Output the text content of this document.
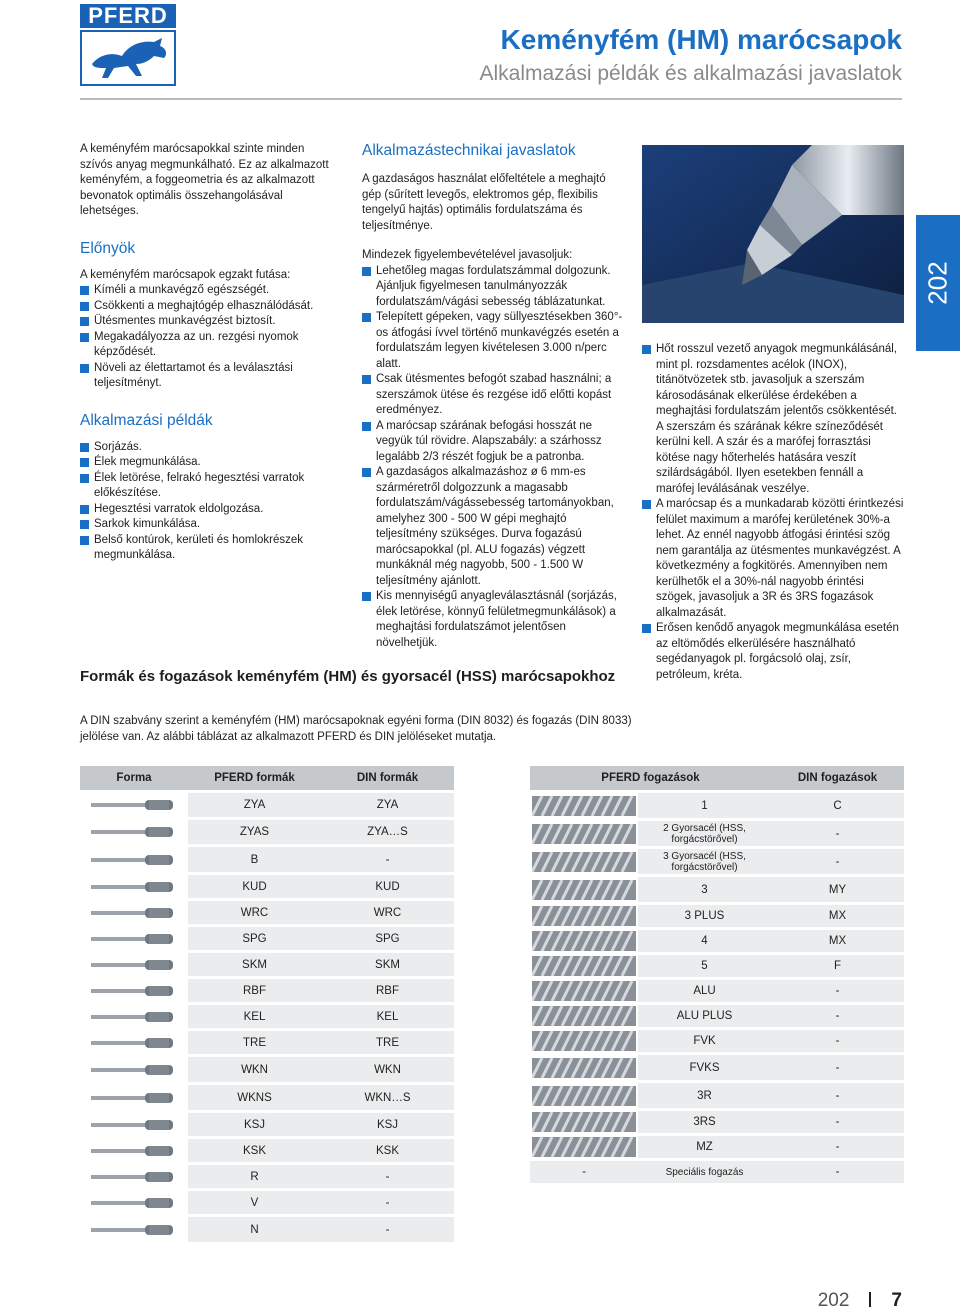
PFERD
Keményfém (HM) marócsapok
Alkalmazási példák és alkalmazási javaslatok
202

A keményfém marócsapokkal szinte minden szívós anyag megmunkálható. Ez az alkalmazott keményfém, a foggeometria és az alkalmazott bevonatok optimális összehangolásával lehetséges.

Előnyök

A keményfém marócsapok egzakt futása:

Kíméli a munkavégző egészségét.
Csökkenti a meghajtógép elhasználódását.
Ütésmentes munkavégzést biztosít.
Megakadályozza az un. rezgési nyomok képződését.
Növeli az élettartamot és a leválasztási teljesítményt.
Alkalmazási példák
Sorjázás.
Élek megmunkálása.
Élek letörése, felrakó hegesztési varratok előkészítése.
Hegesztési varratok eldolgozása.
Sarkok kimunkálása.
Belső kontúrok, kerületi és homlokrészek megmunkálása.
Alkalmazástechnikai javaslatok

A gazdaságos használat előfeltétele a meghajtó gép (sűrített levegős, elektromos gép, flexibilis tengelyű hajtás) optimális fordulatszáma és teljesítménye.

Mindezek figyelembevételével javasoljuk:

Lehetőleg magas fordulatszámmal dolgozunk. Ajánljuk figyelmesen tanulmányozzák fordulatszám/vágási sebesség táblázatunkat.
Telepített gépeken, vagy süllyesztésekben 360°-os átfogási ívvel történő munkavégzés esetén a fordulatszám legyen kivételesen 3.000 n/perc alatt.
Csak ütésmentes befogót szabad használni; a szerszámok ütése és rezgése idő előtti kopást eredményez.
A marócsap szárának befogási hosszát ne vegyük túl rövidre. Alapszabály: a szárhossz legalább 2/3 részét fogjuk be a patronba.
A gazdaságos alkalmazáshoz ø 6 mm-es szárméretről dolgozzunk a magasabb fordulatszám/vágássebesség tartományokban, amelyhez 300 - 500 W gépi meghajtó teljesítmény szükséges. Durva fogazású marócsapokkal (pl. ALU fogazás) végzett munkáknál még nagyobb, 500 - 1.500 W teljesítmény ajánlott.
Kis mennyiségű anyagleválasztásnál (sorjázás, élek letörése, könnyű felületmegmunkálások) a meghajtási fordulatszámot jelentősen növelhetjük.
Hőt rosszul vezető anyagok megmunkálásánál, mint pl. rozsdamentes acélok (INOX), titánötvözetek stb. javasoljuk a szerszám károsodásának elkerülése érdekében a meghajtási fordulatszám jelentős csökkentését. A szerszám és szárának kékre színeződését kerülni kell. A szár és a marófej forrasztási kötése nagy hőterhelés hatására veszít szilárdságából. Ilyen esetekben fennáll a marófej leválásának veszélye.
A marócsap és a munkadarab közötti érintkezési felület maximum a marófej kerületének 30%-a lehet. Az ennél nagyobb átfogási érintési szög nem garantálja az ütésmentes munkavégzést. A következmény a fogkitörés. Amennyiben nem kerülhetők el a 30%-nál nagyobb érintési szögek, javasoljuk a 3R és 3RS fogazások alkalmazását.
Erősen kenődő anyagok megmunkálása esetén az eltömődés elkerülésére használható segédanyagok pl. forgácsoló olaj, zsír, petróleum, kréta.
Formák és fogazások keményfém (HM) és gyorsacél (HSS) marócsapokhoz
A DIN szabvány szerint a keményfém (HM) marócsapoknak egyéni forma (DIN 8032) és fogazás (DIN 8033) jelölése van. Az alábbi táblázat az alkalmazott PFERD és DIN jelöléseket mutatja.
Forma	PFERD formák	DIN formák

	ZYA	ZYA

	ZYAS	ZYA…S

	B	-

	KUD	KUD

	WRC	WRC

	SPG	SPG

	SKM	SKM

	RBF	RBF

	KEL	KEL

	TRE	TRE

	WKN	WKN

	WKNS	WKN…S

	KSJ	KSJ

	KSK	KSK

	R	-

	V	-

	N	-
PFERD fogazások		DIN fogazások

	1	C

	2 Gyorsacél (HSS, forgácstörővel)	-

	3 Gyorsacél (HSS, forgácstörővel)	-

	3	MY

	3 PLUS	MX

	4	MX

	5	F

	ALU	-

	ALU PLUS	-

	FVK	-

	FVKS	-

	3R	-

	3RS	-

	MZ	-
-	Speciális fogazás	-
202 7
